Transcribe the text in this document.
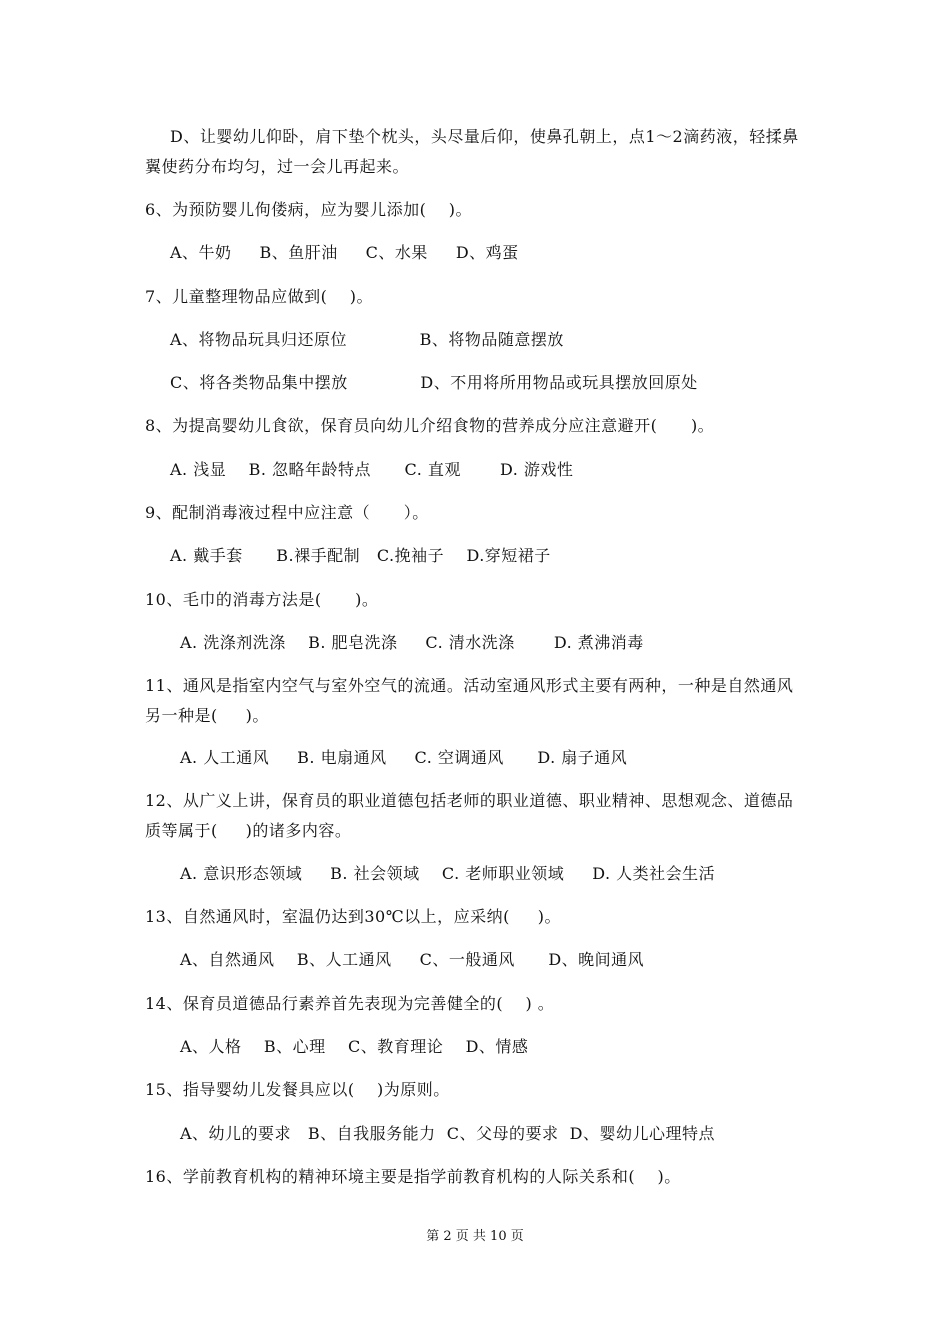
D、让婴幼儿仰卧，肩下垫个枕头，头尽量后仰，使鼻孔朝上，点1～2滴药液，轻揉鼻
翼使药分布均匀，过一会儿再起来。
6、为预防婴儿佝偻病，应为婴儿添加(    )。
A、牛奶     B、鱼肝油     C、水果     D、鸡蛋
7、儿童整理物品应做到(    )。
A、将物品玩具归还原位             B、将物品随意摆放
C、将各类物品集中摆放             D、不用将所用物品或玩具摆放回原处
8、为提高婴幼儿食欲，保育员向幼儿介绍食物的营养成分应注意避开(      )。
A. 浅显    B. 忽略年龄特点      C. 直观       D. 游戏性
9、配制消毒液过程中应注意（      ）。
A. 戴手套      B.裸手配制   C.挽袖子    D.穿短裙子
10、毛巾的消毒方法是(      )。
A. 洗涤剂洗涤    B. 肥皂洗涤     C. 清水洗涤       D. 煮沸消毒
11、通风是指室内空气与室外空气的流通。活动室通风形式主要有两种，一种是自然通风
另一种是(     )。
A. 人工通风     B. 电扇通风     C. 空调通风      D. 扇子通风
12、从广义上讲，保育员的职业道德包括老师的职业道德、职业精神、思想观念、道德品
质等属于(     )的诸多内容。
A. 意识形态领域     B. 社会领域    C. 老师职业领域     D. 人类社会生活
13、自然通风时，室温仍达到30℃以上，应采纳(     )。
A、自然通风    B、人工通风     C、一般通风      D、晚间通风
14、保育员道德品行素养首先表现为完善健全的(    ) 。
A、人格    B、心理    C、教育理论    D、情感
15、指导婴幼儿发餐具应以(    )为原则。
A、幼儿的要求   B、自我服务能力  C、父母的要求  D、婴幼儿心理特点
16、学前教育机构的精神环境主要是指学前教育机构的人际关系和(    )。
第 2 页 共 10 页
